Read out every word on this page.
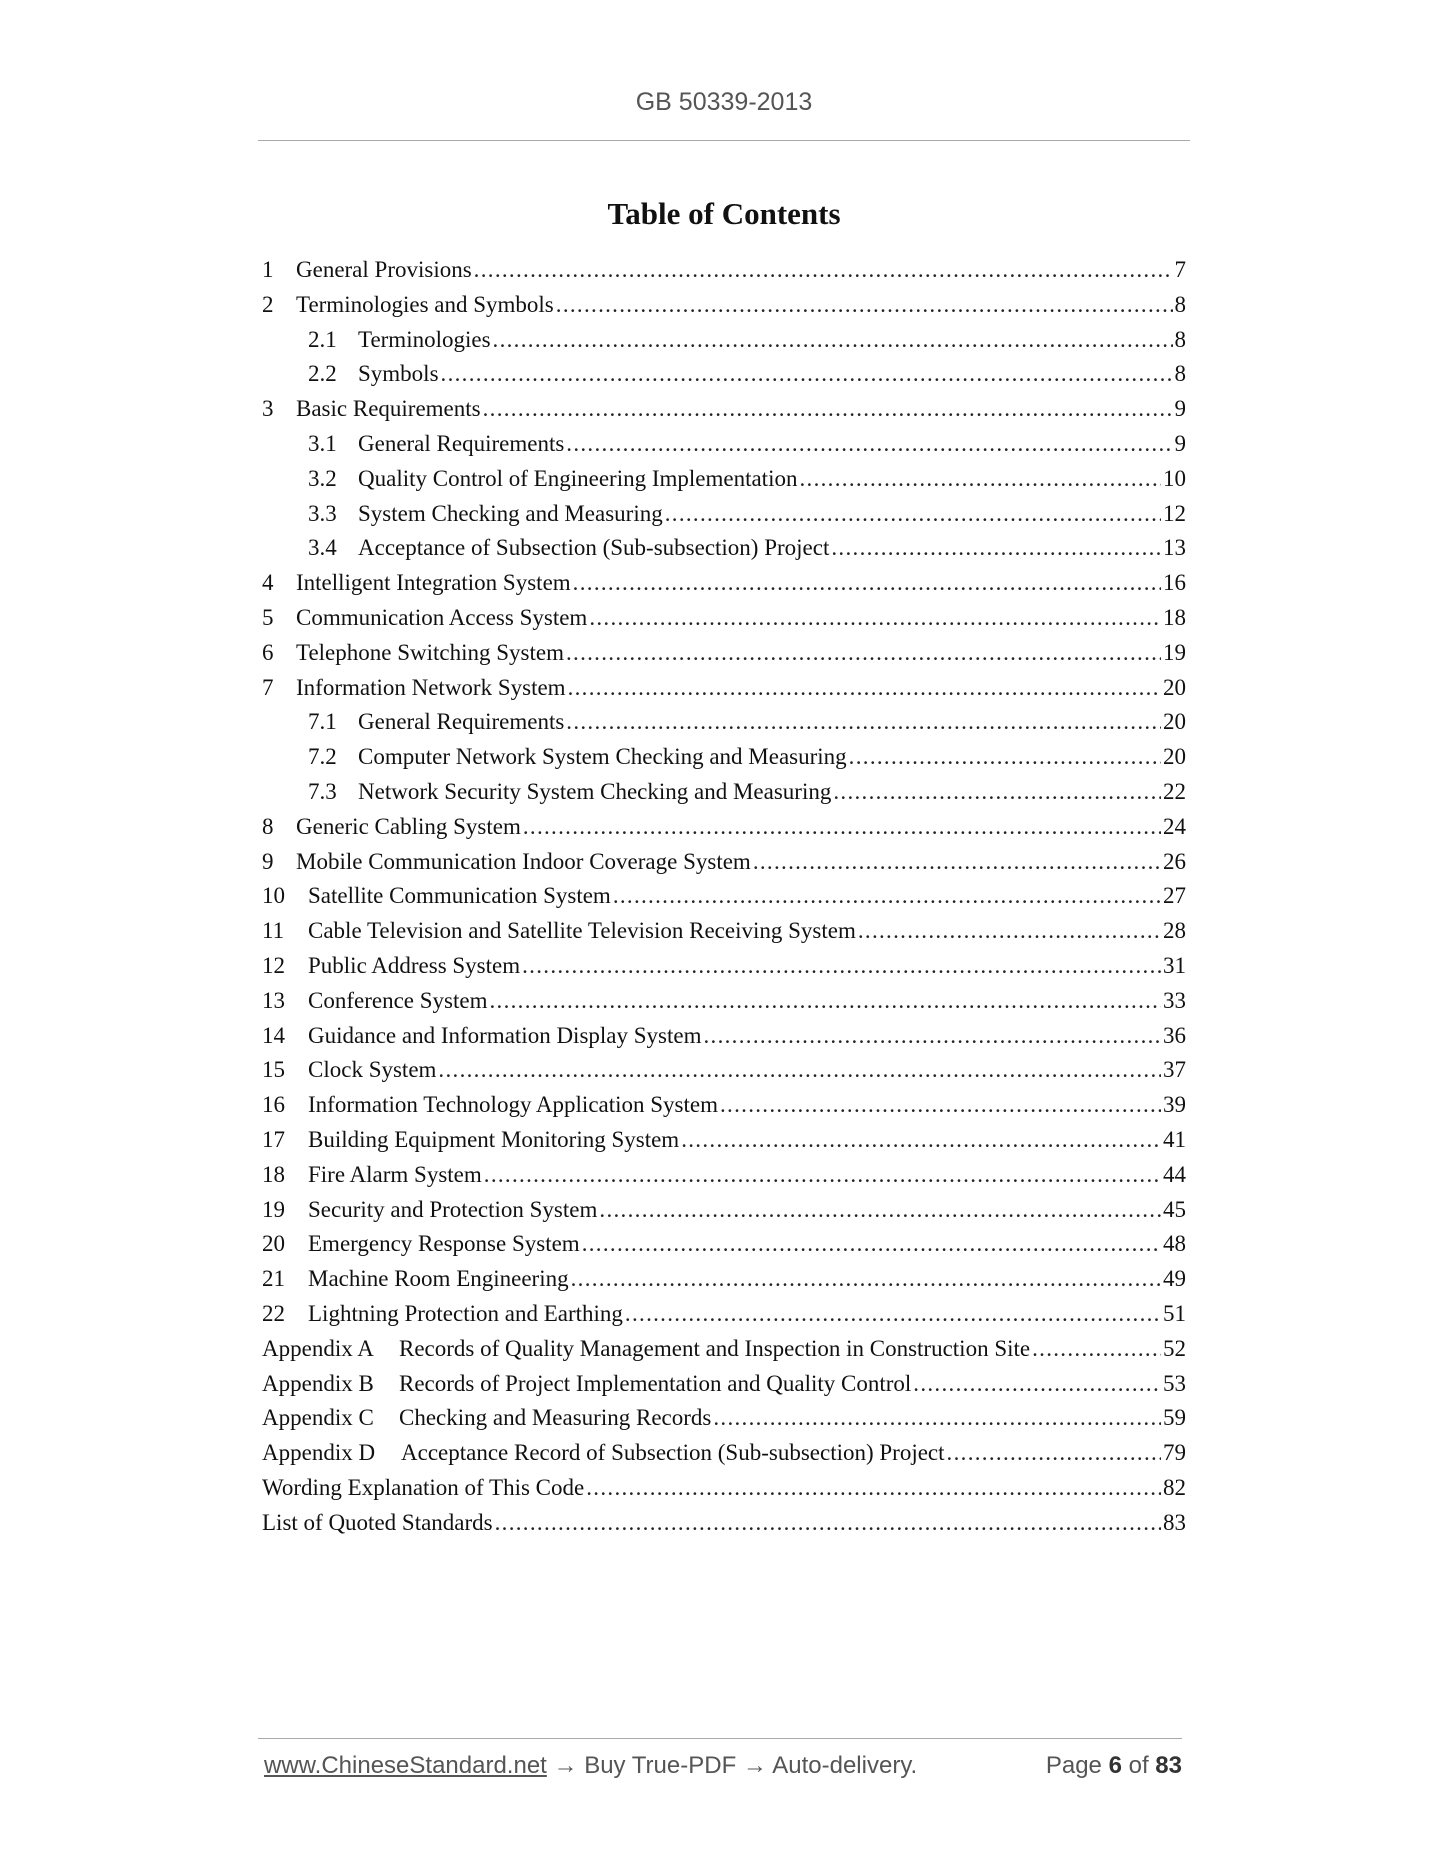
GB 50339-2013
Table of Contents
1 General Provisions .....	7
2 Terminologies and Symbols .....	8
2.1 Terminologies .....	8
2.2 Symbols .....	8
3 Basic Requirements .....	9
3.1 General Requirements .....	9
3.2 Quality Control of Engineering Implementation .....	10
3.3 System Checking and Measuring .....	12
3.4 Acceptance of Subsection (Sub-subsection) Project .....	13
4 Intelligent Integration System .....	16
5 Communication Access System .....	18
6 Telephone Switching System .....	19
7 Information Network System .....	20
7.1 General Requirements .....	20
7.2 Computer Network System Checking and Measuring .....	20
7.3 Network Security System Checking and Measuring .....	22
8 Generic Cabling System .....	24
9 Mobile Communication Indoor Coverage System .....	26
10	Satellite Communication System .....	27
11	Cable Television and Satellite Television Receiving System .....	28
12	Public Address System .....	31
13	Conference System .....	33
14	Guidance and Information Display System .....	36
15	Clock System .....	37
16	Information Technology Application System .....	39
17	Building Equipment Monitoring System .....	41
18	Fire Alarm System .....	44
19	Security and Protection System .....	45
20	Emergency Response System .....	48
21	Machine Room Engineering .....	49
22	Lightning Protection and Earthing .....	51
Appendix A	Records of Quality Management and Inspection in Construction Site .....	52
Appendix B	Records of Project Implementation and Quality Control .....	53
Appendix C	Checking and Measuring Records .....	59
Appendix D	Acceptance Record of Subsection (Sub-subsection) Project .....	79
Wording Explanation of This Code .....	82
List of Quoted Standards .....	83
www.ChineseStandard.net → Buy True-PDF → Auto-delivery.	Page 6 of 83
